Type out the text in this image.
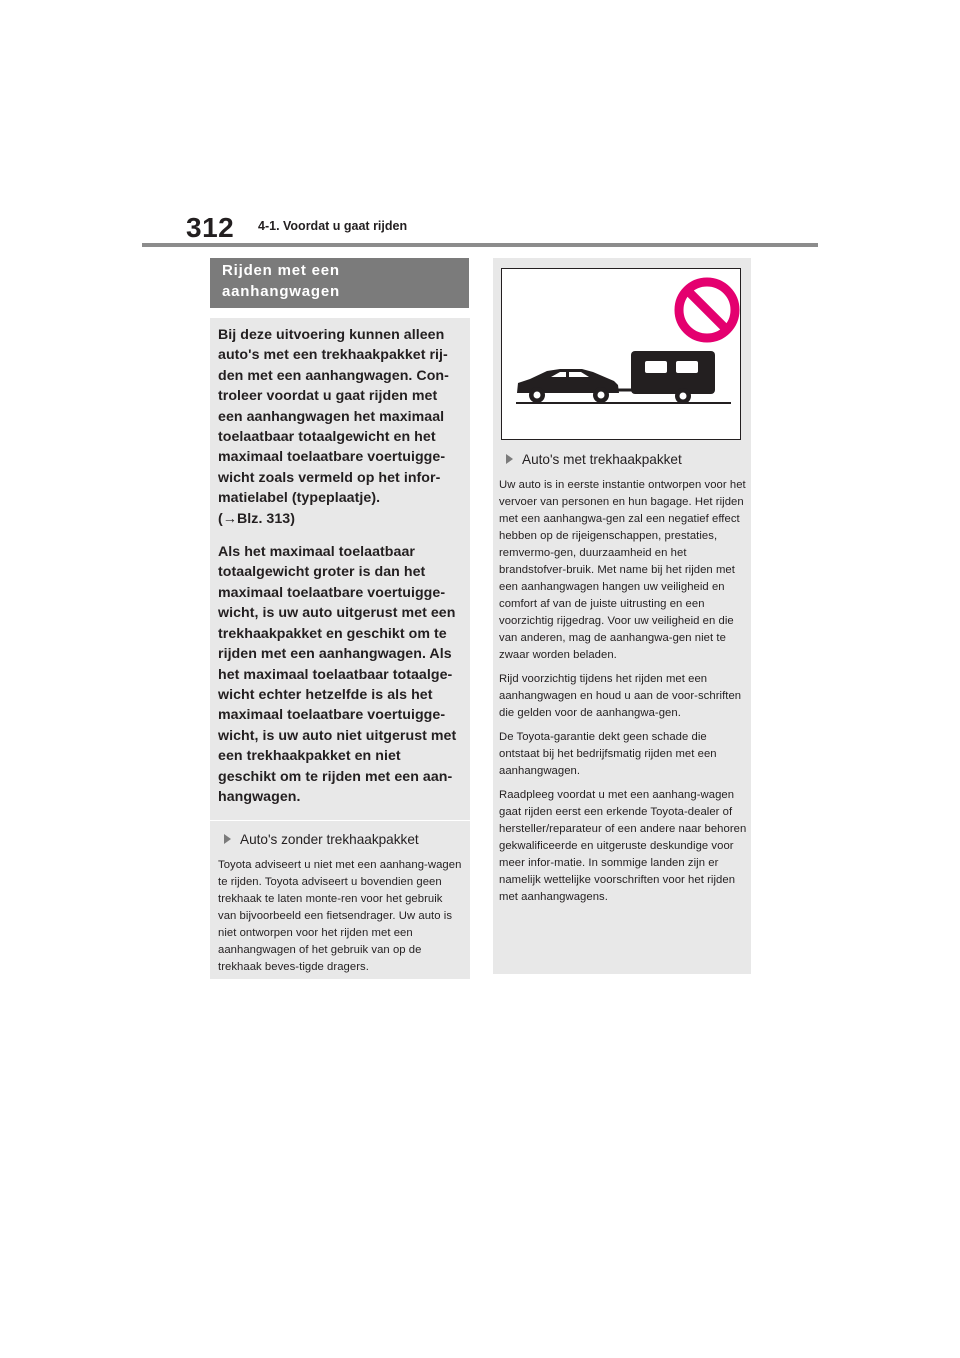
312 4-1. Voordat u gaat rijden
Rijden met een
aanhangwagen

Bij deze uitvoering kunnen alleen auto's met een trekhaakpakket rij-den met een aanhangwagen. Con-troleer voordat u gaat rijden met een aanhangwagen het maximaal toelaatbaar totaalgewicht en het maximaal toelaatbare voertuigge-wicht zoals vermeld op het infor-matielabel (typeplaatje).

(→Blz. 313)

Als het maximaal toelaatbaar totaalgewicht groter is dan het maximaal toelaatbare voertuigge-wicht, is uw auto uitgerust met een trekhaakpakket en geschikt om te rijden met een aanhangwagen. Als het maximaal toelaatbaar totaalge-wicht echter hetzelfde is als het maximaal toelaatbare voertuigge-wicht, is uw auto niet uitgerust met een trekhaakpakket en niet geschikt om te rijden met een aan-hangwagen.

Auto's zonder trekhaakpakket

Toyota adviseert u niet met een aanhang-wagen te rijden. Toyota adviseert u bovendien geen trekhaak te laten monte-ren voor het gebruik van bijvoorbeeld een fietsendrager. Uw auto is niet ontworpen voor het rijden met een aanhangwagen of het gebruik van op de trekhaak beves-tigde dragers.

Auto's met trekhaakpakket

Uw auto is in eerste instantie ontworpen voor het vervoer van personen en hun bagage. Het rijden met een aanhangwa-gen zal een negatief effect hebben op de rijeigenschappen, prestaties, remvermo-gen, duurzaamheid en het brandstofver-bruik. Met name bij het rijden met een aanhangwagen hangen uw veiligheid en comfort af van de juiste uitrusting en een voorzichtig rijgedrag. Voor uw veiligheid en die van anderen, mag de aanhangwa-gen niet te zwaar worden beladen.

Rijd voorzichtig tijdens het rijden met een aanhangwagen en houd u aan de voor-schriften die gelden voor de aanhangwa-gen.

De Toyota-garantie dekt geen schade die ontstaat bij het bedrijfsmatig rijden met een aanhangwagen.

Raadpleeg voordat u met een aanhang-wagen gaat rijden eerst een erkende Toyota-dealer of hersteller/reparateur of een andere naar behoren gekwalificeerde en uitgeruste deskundige voor meer infor-matie. In sommige landen zijn er namelijk wettelijke voorschriften voor het rijden met aanhangwagens.
